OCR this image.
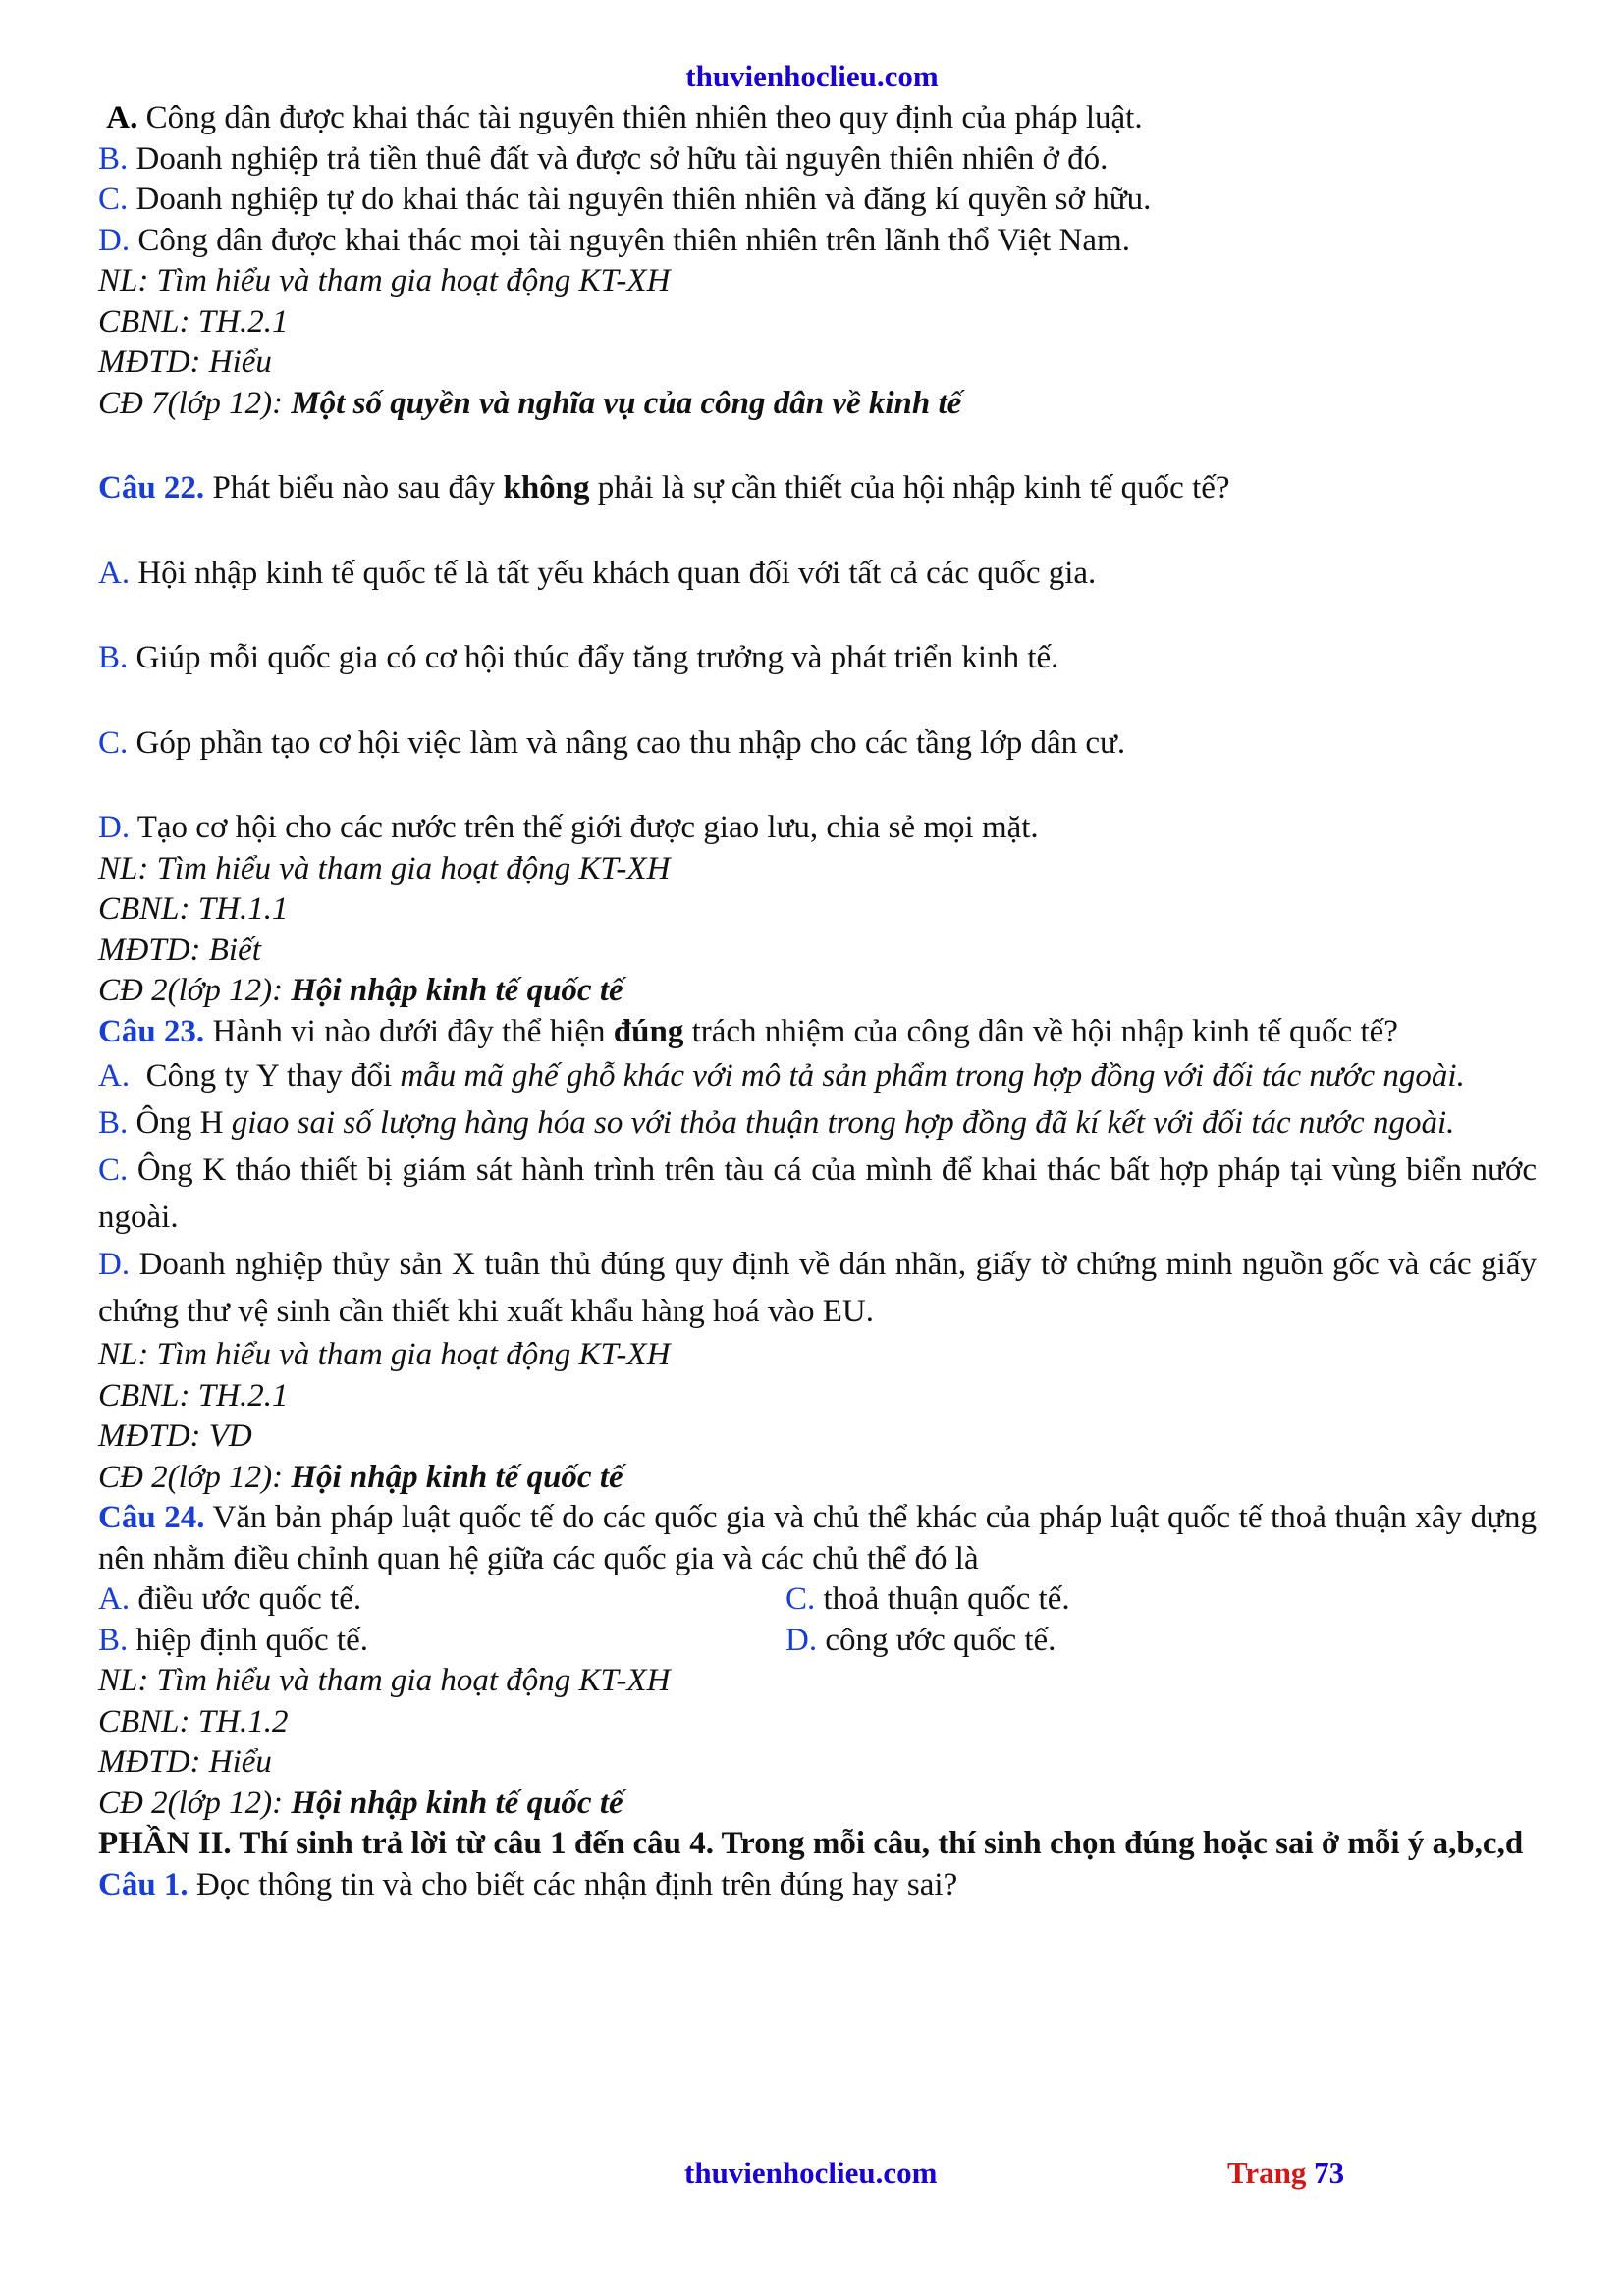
thuvienhoclieu.com

A. Công dân được khai thác tài nguyên thiên nhiên theo quy định của pháp luật.

B. Doanh nghiệp trả tiền thuê đất và được sở hữu tài nguyên thiên nhiên ở đó.

C. Doanh nghiệp tự do khai thác tài nguyên thiên nhiên và đăng kí quyền sở hữu.

D. Công dân được khai thác mọi tài nguyên thiên nhiên trên lãnh thổ Việt Nam.

NL: Tìm hiểu và tham gia hoạt động KT-XH

CBNL: TH.2.1

MĐTD: Hiểu

CĐ 7(lớp 12): Một số quyền và nghĩa vụ của công dân về kinh tế

Câu 22. Phát biểu nào sau đây không phải là sự cần thiết của hội nhập kinh tế quốc tế?

A. Hội nhập kinh tế quốc tế là tất yếu khách quan đối với tất cả các quốc gia.

B. Giúp mỗi quốc gia có cơ hội thúc đẩy tăng trưởng và phát triển kinh tế.

C. Góp phần tạo cơ hội việc làm và nâng cao thu nhập cho các tầng lớp dân cư.

D. Tạo cơ hội cho các nước trên thế giới được giao lưu, chia sẻ mọi mặt.

NL: Tìm hiểu và tham gia hoạt động KT-XH

CBNL: TH.1.1

MĐTD: Biết

CĐ 2(lớp 12): Hội nhập kinh tế quốc tế

Câu 23. Hành vi nào dưới đây thể hiện đúng trách nhiệm của công dân về hội nhập kinh tế quốc tế?

A.  Công ty Y thay đổi mẫu mã ghế ghỗ khác với mô tả sản phẩm trong hợp đồng với đối tác nước ngoài.

B. Ông H giao sai số lượng hàng hóa so với thỏa thuận trong hợp đồng đã kí kết với đối tác nước ngoài.

C. Ông K tháo thiết bị giám sát hành trình trên tàu cá của mình để khai thác bất hợp pháp tại vùng biển nước ngoài.

D. Doanh nghiệp thủy sản X tuân thủ đúng quy định về dán nhãn, giấy tờ chứng minh nguồn gốc và các giấy chứng thư vệ sinh cần thiết khi xuất khẩu hàng hoá vào EU.

NL: Tìm hiểu và tham gia hoạt động KT-XH

CBNL: TH.2.1

MĐTD: VD

CĐ 2(lớp 12): Hội nhập kinh tế quốc tế

Câu 24. Văn bản pháp luật quốc tế do các quốc gia và chủ thể khác của pháp luật quốc tế thoả thuận xây dựng nên nhằm điều chỉnh quan hệ giữa các quốc gia và các chủ thể đó là

A. điều ước quốc tế.	C. thoả thuận quốc tế.
B. hiệp định quốc tế.	D. công ước quốc tế.

NL: Tìm hiểu và tham gia hoạt động KT-XH

CBNL: TH.1.2

MĐTD: Hiểu

CĐ 2(lớp 12): Hội nhập kinh tế quốc tế

PHẦN II. Thí sinh trả lời từ câu 1 đến câu 4. Trong mỗi câu, thí sinh chọn đúng hoặc sai ở mỗi ý a,b,c,d

Câu 1. Đọc thông tin và cho biết các nhận định trên đúng hay sai?

thuvienhoclieu.com	Trang 73
